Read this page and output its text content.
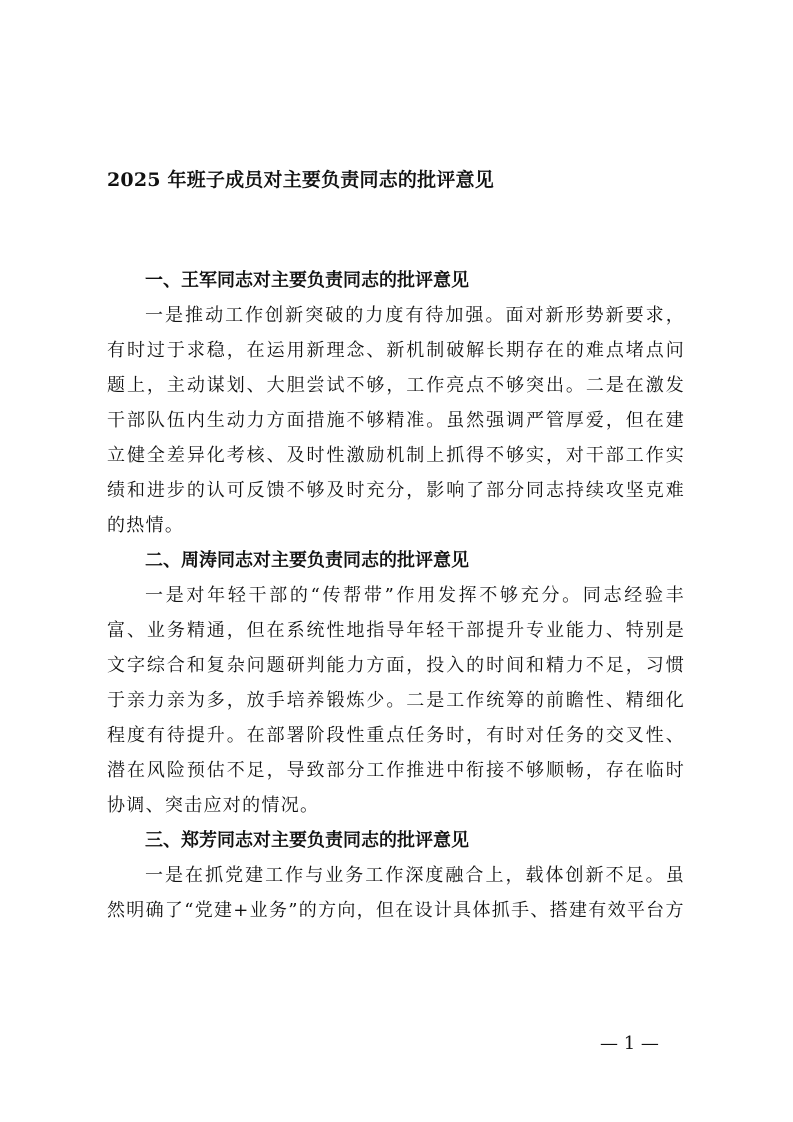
2025 年班子成员对主要负责同志的批评意见

一、王军同志对主要负责同志的批评意见

一是推动工作创新突破的力度有待加强。面对新形势新要求，有时过于求稳，在运用新理念、新机制破解长期存在的难点堵点问题上，主动谋划、大胆尝试不够，工作亮点不够突出。二是在激发干部队伍内生动力方面措施不够精准。虽然强调严管厚爱，但在建立健全差异化考核、及时性激励机制上抓得不够实，对干部工作实绩和进步的认可反馈不够及时充分，影响了部分同志持续攻坚克难的热情。

二、周涛同志对主要负责同志的批评意见

一是对年轻干部的“传帮带”作用发挥不够充分。同志经验丰富、业务精通，但在系统性地指导年轻干部提升专业能力、特别是文字综合和复杂问题研判能力方面，投入的时间和精力不足，习惯于亲力亲为多，放手培养锻炼少。二是工作统筹的前瞻性、精细化程度有待提升。在部署阶段性重点任务时，有时对任务的交叉性、潜在风险预估不足，导致部分工作推进中衔接不够顺畅，存在临时协调、突击应对的情况。

三、郑芳同志对主要负责同志的批评意见

一是在抓党建工作与业务工作深度融合上，载体创新不足。虽然明确了“党建+业务”的方向，但在设计具体抓手、搭建有效平台方

— 1 —
